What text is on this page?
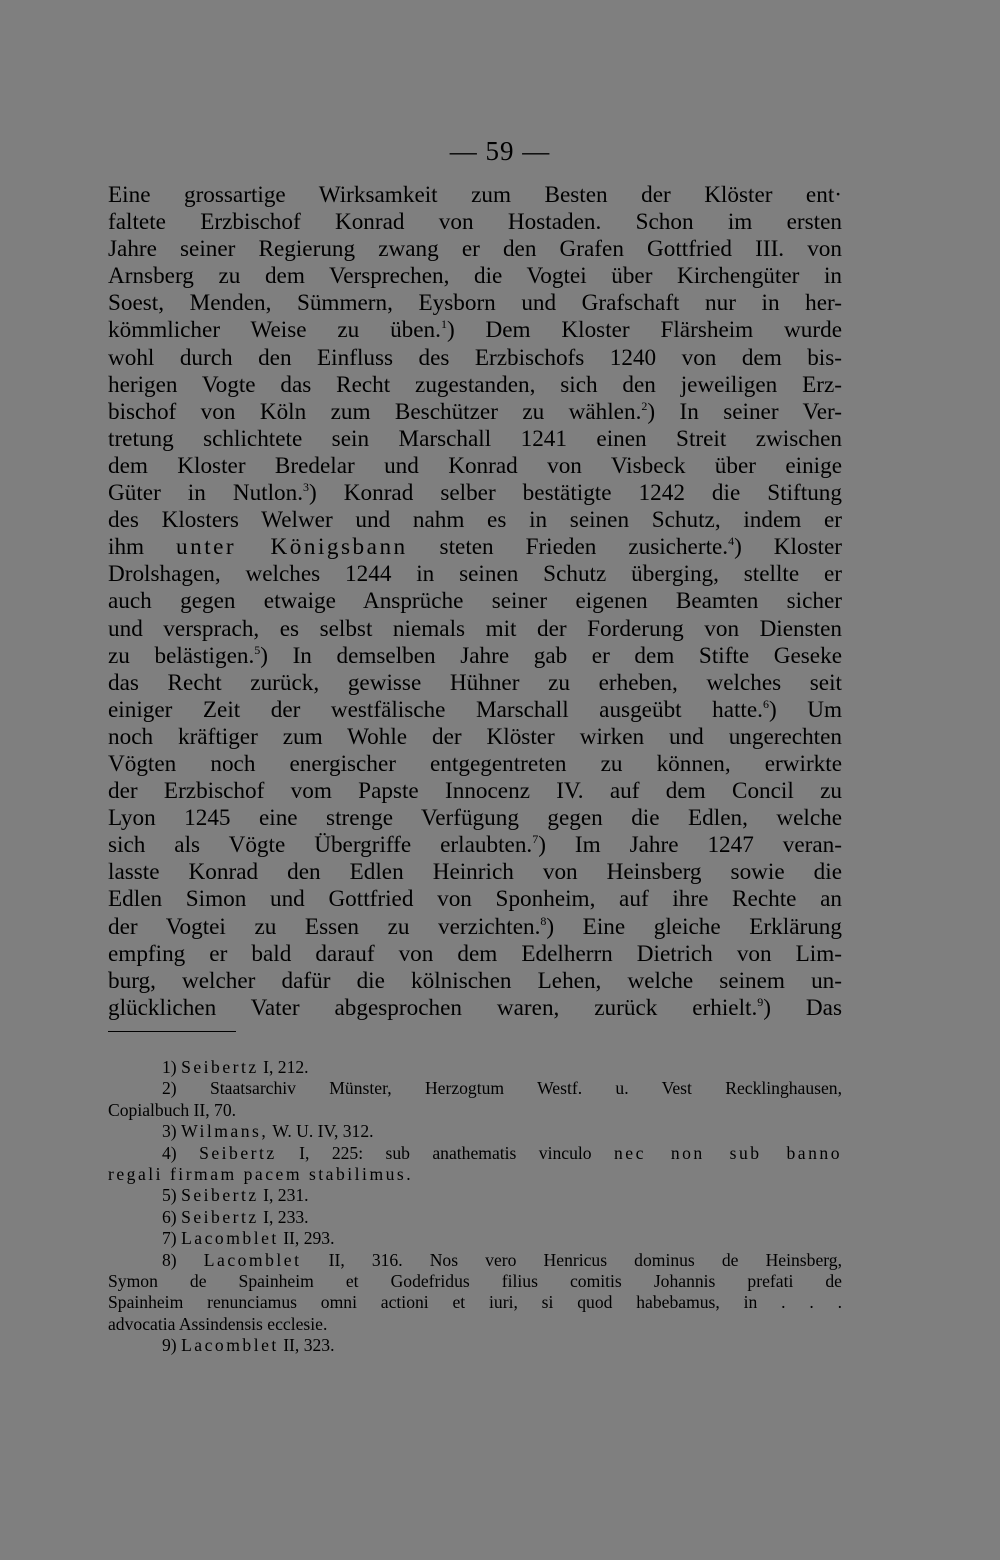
— 59 —
Eine grossartige Wirksamkeit zum Besten der Klöster ent·
faltete Erzbischof Konrad von Hostaden. Schon im ersten
Jahre seiner Regierung zwang er den Grafen Gottfried III. von
Arnsberg zu dem Versprechen, die Vogtei über Kirchengüter in
Soest, Menden, Sümmern, Eysborn und Grafschaft nur in her-
kömmlicher Weise zu üben.$^1$) Dem Kloster Flärsheim wurde
wohl durch den Einfluss des Erzbischofs 1240 von dem bis-
herigen Vogte das Recht zugestanden, sich den jeweiligen Erz-
bischof von Köln zum Beschützer zu wählen.$^2$) In seiner Ver-
tretung schlichtete sein Marschall 1241 einen Streit zwischen
dem Kloster Bredelar und Konrad von Visbeck über einige
Güter in Nutlon.$^3$) Konrad selber bestätigte 1242 die Stiftung
des Klosters Welwer und nahm es in seinen Schutz, indem er
ihm unter Königsbann steten Frieden zusicherte.$^4$) Kloster
Drolshagen, welches 1244 in seinen Schutz überging, stellte er
auch gegen etwaige Ansprüche seiner eigenen Beamten sicher
und versprach, es selbst niemals mit der Forderung von Diensten
zu belästigen.$^5$) In demselben Jahre gab er dem Stifte Geseke
das Recht zurück, gewisse Hühner zu erheben, welches seit
einiger Zeit der westfälische Marschall ausgeübt hatte.$^6$) Um
noch kräftiger zum Wohle der Klöster wirken und ungerechten
Vögten noch energischer entgegentreten zu können, erwirkte
der Erzbischof vom Papste Innocenz IV. auf dem Concil zu
Lyon 1245 eine strenge Verfügung gegen die Edlen, welche
sich als Vögte Übergriffe erlaubten.$^7$) Im Jahre 1247 veran-
lasste Konrad den Edlen Heinrich von Heinsberg sowie die
Edlen Simon und Gottfried von Sponheim, auf ihre Rechte an
der Vogtei zu Essen zu verzichten.$^8$) Eine gleiche Erklärung
empfing er bald darauf von dem Edelherrn Dietrich von Lim-
burg, welcher dafür die kölnischen Lehen, welche seinem un-
glücklichen Vater abgesprochen waren, zurück erhielt.$^9$) Das
1) Seibertz I, 212.
2) Staatsarchiv Münster, Herzogtum Westf. u. Vest Recklinghausen,
Copialbuch II, 70.
3) Wilmans, W. U. IV, 312.
4) Seibertz I, 225: sub anathematis vinculo nec non sub banno
regali firmam pacem stabilimus.
5) Seibertz I, 231.
6) Seibertz I, 233.
7) Lacomblet II, 293.
8) Lacomblet II, 316. Nos vero Henricus dominus de Heinsberg,
Symon de Spainheim et Godefridus filius comitis Johannis prefati de
Spainheim renunciamus omni actioni et iuri, si quod habebamus, in . . .
advocatia Assindensis ecclesie.
9) Lacomblet II, 323.
